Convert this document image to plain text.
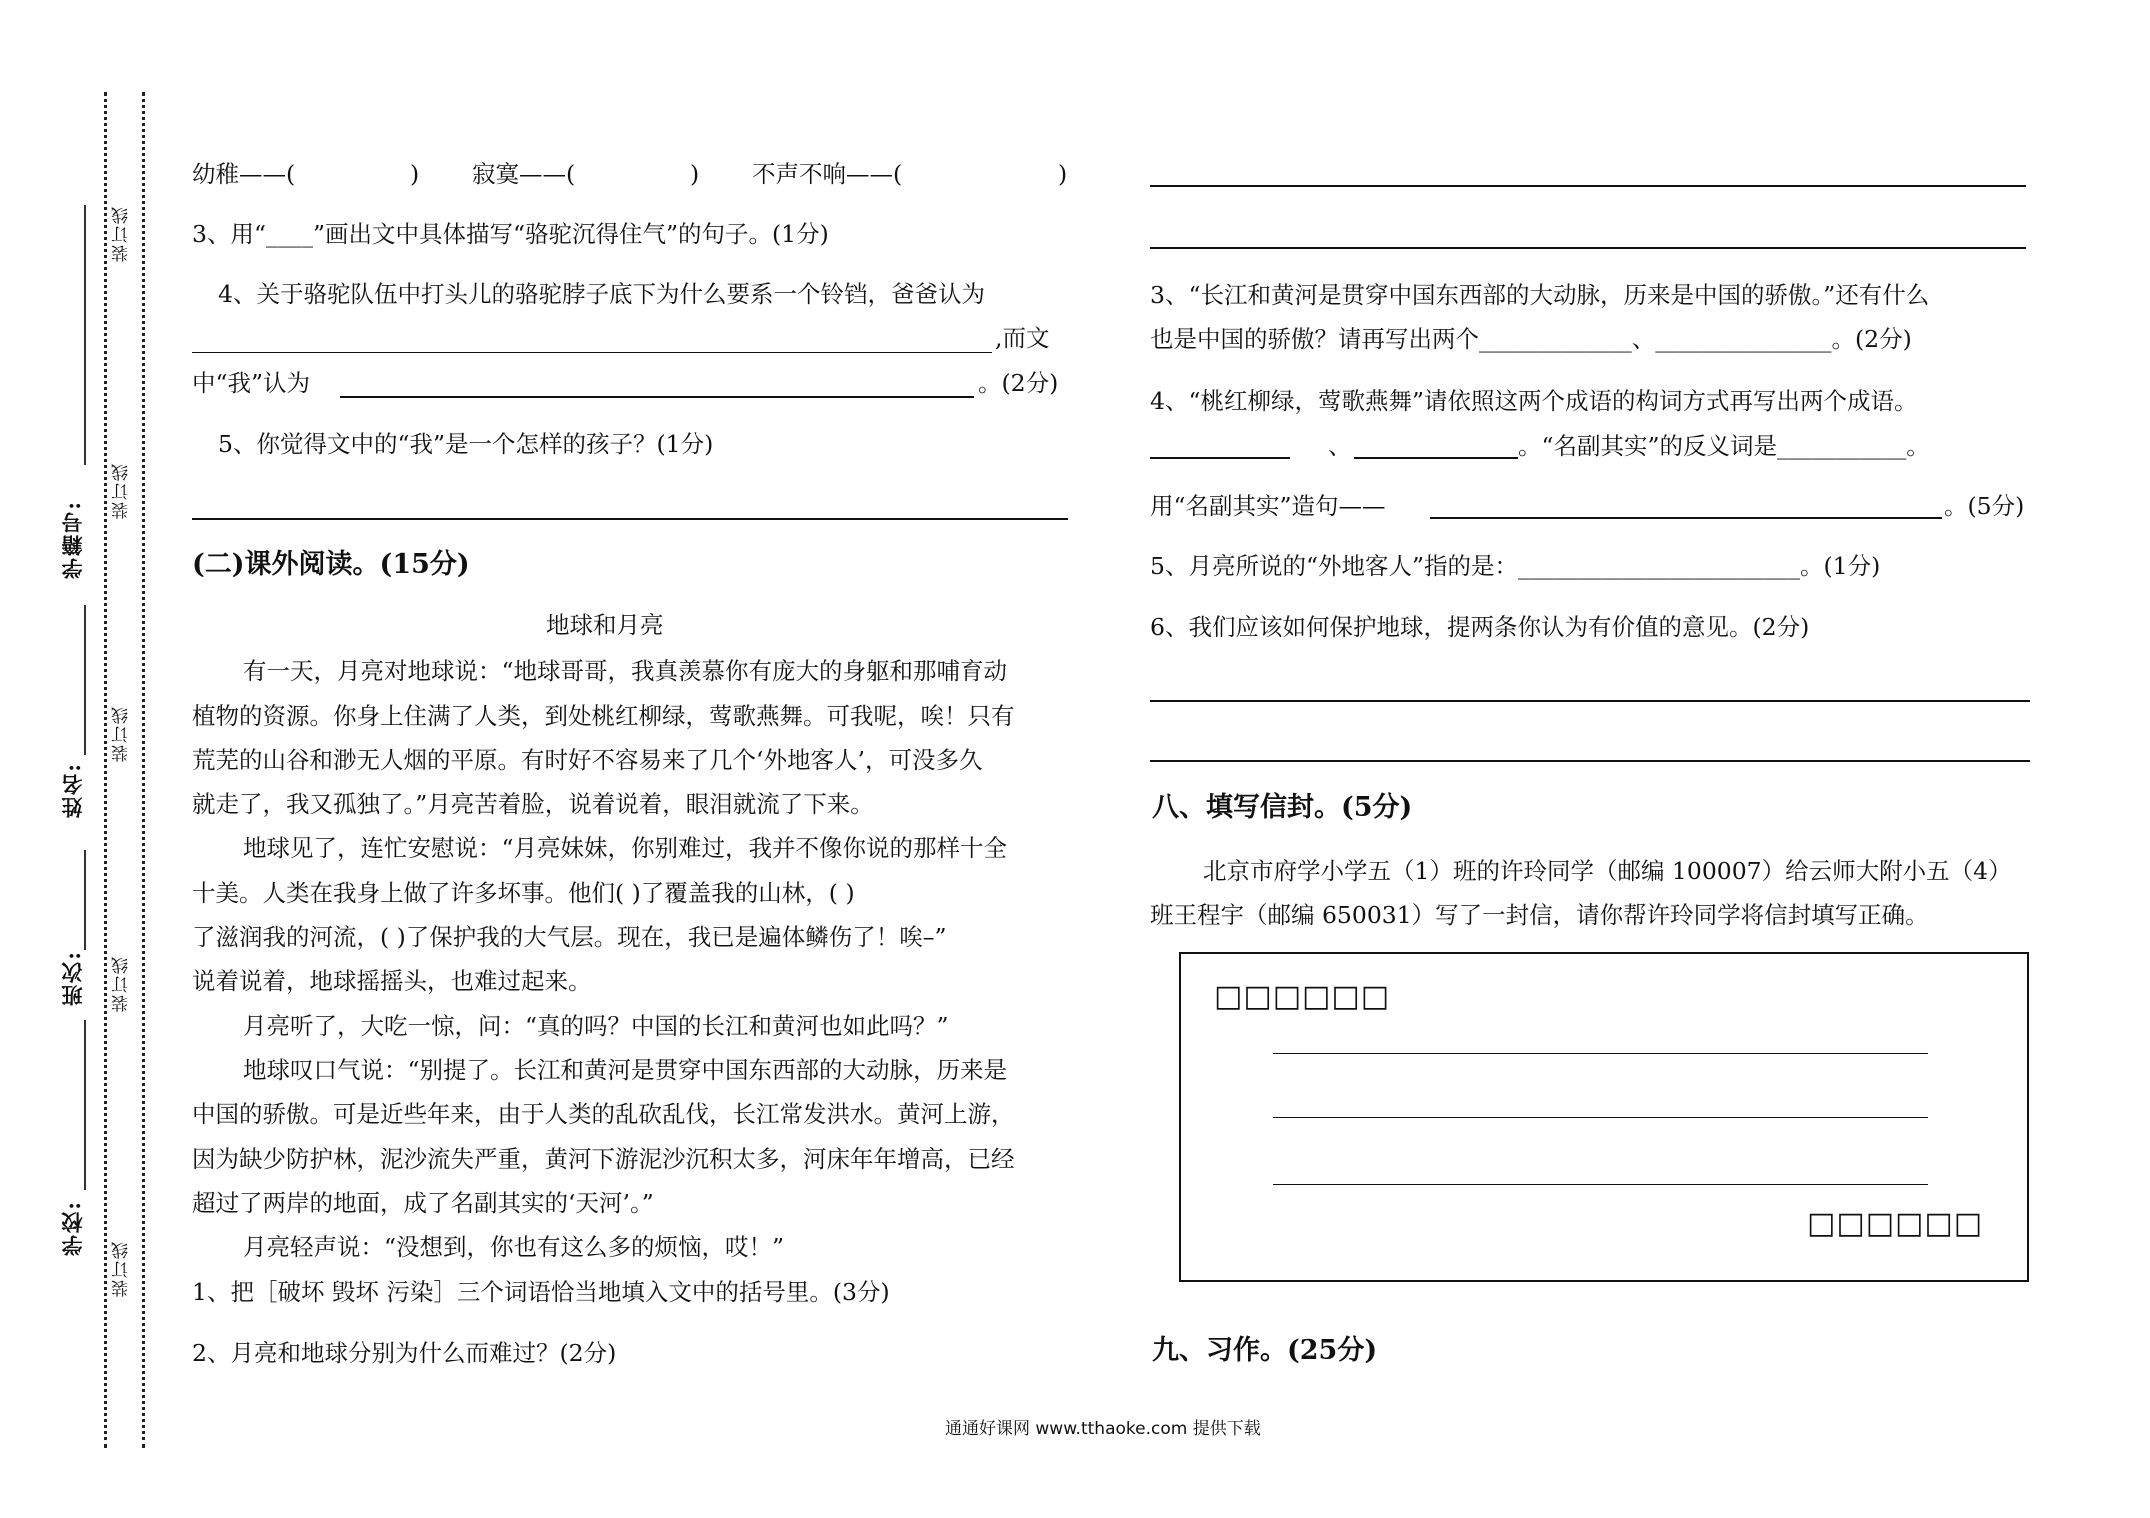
学籍号:
姓名:
班次:
学校:
装订线
装订线
装订线
装订线
装订线
幼稚——(	) 寂寞——(	) 不声不响——(	)
3、用“____”画出文中具体描写“骆驼沉得住气”的句子。(1分)
4、关于骆驼队伍中打头儿的骆驼脖子底下为什么要系一个铃铛，爸爸认为
,而文
中“我”认为	。(2分)
5、你觉得文中的“我”是一个怎样的孩子？(1分)
(二)课外阅读。(15分)
地球和月亮
有一天，月亮对地球说：“地球哥哥，我真羡慕你有庞大的身躯和那哺育动
植物的资源。你身上住满了人类，到处桃红柳绿，莺歌燕舞。可我呢，唉！只有
荒芜的山谷和渺无人烟的平原。有时好不容易来了几个‘外地客人’，可没多久
就走了，我又孤独了。”月亮苦着脸，说着说着，眼泪就流了下来。
地球见了，连忙安慰说：“月亮妹妹，你别难过，我并不像你说的那样十全
十美。人类在我身上做了许多坏事。他们( )了覆盖我的山林，( )
了滋润我的河流，( )了保护我的大气层。现在，我已是遍体鳞伤了！唉–”
说着说着，地球摇摇头，也难过起来。
月亮听了，大吃一惊，问：“真的吗？中国的长江和黄河也如此吗？”
地球叹口气说：“别提了。长江和黄河是贯穿中国东西部的大动脉，历来是
中国的骄傲。可是近些年来，由于人类的乱砍乱伐，长江常发洪水。黄河上游，
因为缺少防护林，泥沙流失严重，黄河下游泥沙沉积太多，河床年年增高，已经
超过了两岸的地面，成了名副其实的‘天河’。”
月亮轻声说：“没想到，你也有这么多的烦恼，哎！”
1、把［破坏 毁坏 污染］三个词语恰当地填入文中的括号里。(3分)
2、月亮和地球分别为什么而难过？(2分)
3、“长江和黄河是贯穿中国东西部的大动脉，历来是中国的骄傲。”还有什么
也是中国的骄傲？请再写出两个_____________、_______________。(2分)
4、“桃红柳绿，莺歌燕舞”请依照这两个成语的构词方式再写出两个成语。
、	。“名副其实”的反义词是___________。
用“名副其实”造句——	。(5分)
5、月亮所说的“外地客人”指的是：________________________。(1分)
6、我们应该如何保护地球，提两条你认为有价值的意见。(2分)
八、填写信封。(5分)
北京市府学小学五（1）班的许玲同学（邮编 100007）给云师大附小五（4）
班王程宇（邮编 650031）写了一封信，请你帮许玲同学将信封填写正确。
□□□□□□
□□□□□□
九、习作。(25分)
通通好课网 www.tthaoke.com 提供下载
